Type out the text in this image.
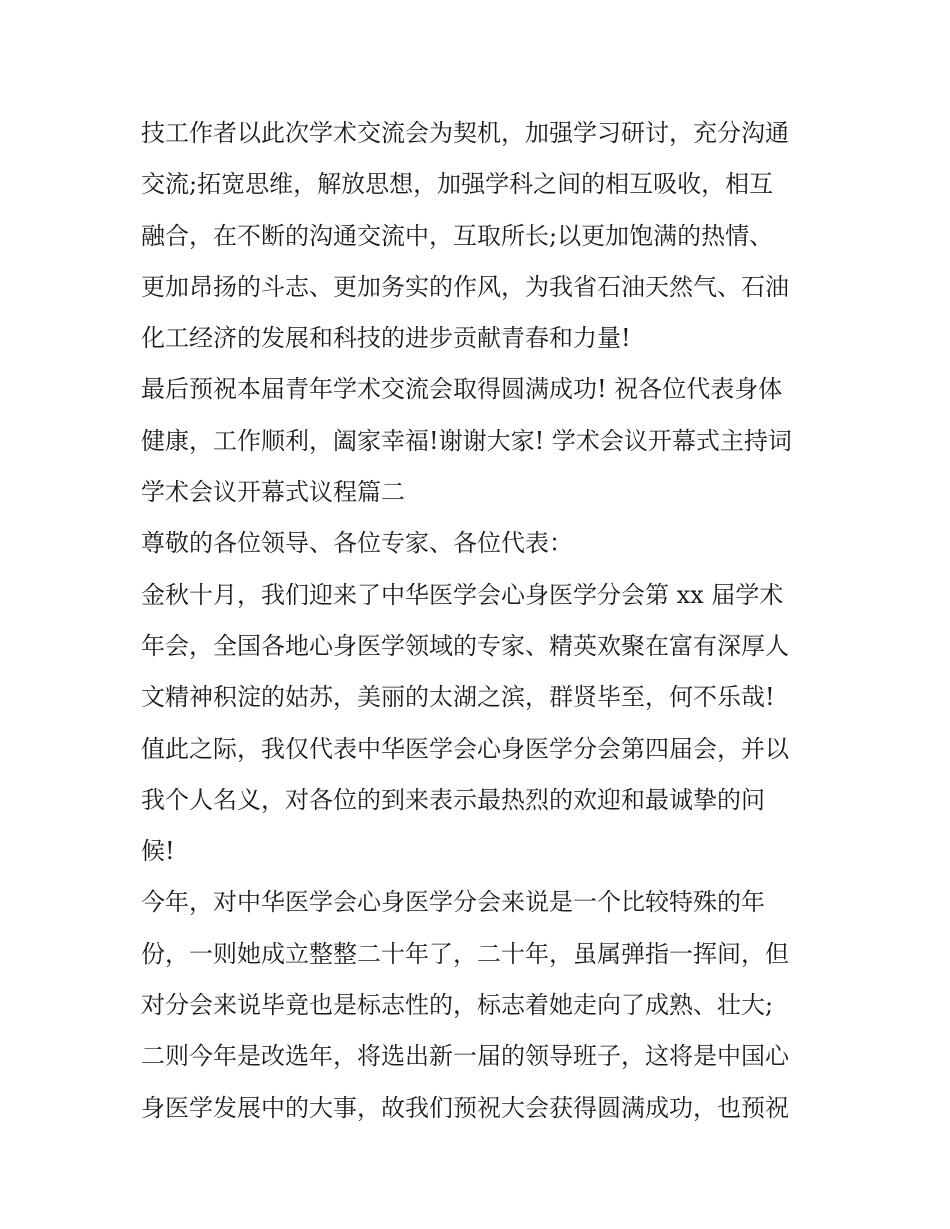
技工作者以此次学术交流会为契机，加强学习研讨，充分沟通
交流;拓宽思维，解放思想，加强学科之间的相互吸收，相互
融合，在不断的沟通交流中，互取所长;以更加饱满的热情、
更加昂扬的斗志、更加务实的作风，为我省石油天然气、石油
化工经济的发展和科技的进步贡献青春和力量!
最后预祝本届青年学术交流会取得圆满成功! 祝各位代表身体
健康，工作顺利，阖家幸福!谢谢大家! 学术会议开幕式主持词
学术会议开幕式议程篇二
尊敬的各位领导、各位专家、各位代表：
金秋十月，我们迎来了中华医学会心身医学分会第 xx 届学术
年会，全国各地心身医学领域的专家、精英欢聚在富有深厚人
文精神积淀的姑苏，美丽的太湖之滨，群贤毕至，何不乐哉!
值此之际，我仅代表中华医学会心身医学分会第四届会，并以
我个人名义，对各位的到来表示最热烈的欢迎和最诚挚的问
候!
今年，对中华医学会心身医学分会来说是一个比较特殊的年
份，一则她成立整整二十年了，二十年，虽属弹指一挥间，但
对分会来说毕竟也是标志性的，标志着她走向了成熟、壮大;
二则今年是改选年，将选出新一届的领导班子，这将是中国心
身医学发展中的大事，故我们预祝大会获得圆满成功，也预祝
